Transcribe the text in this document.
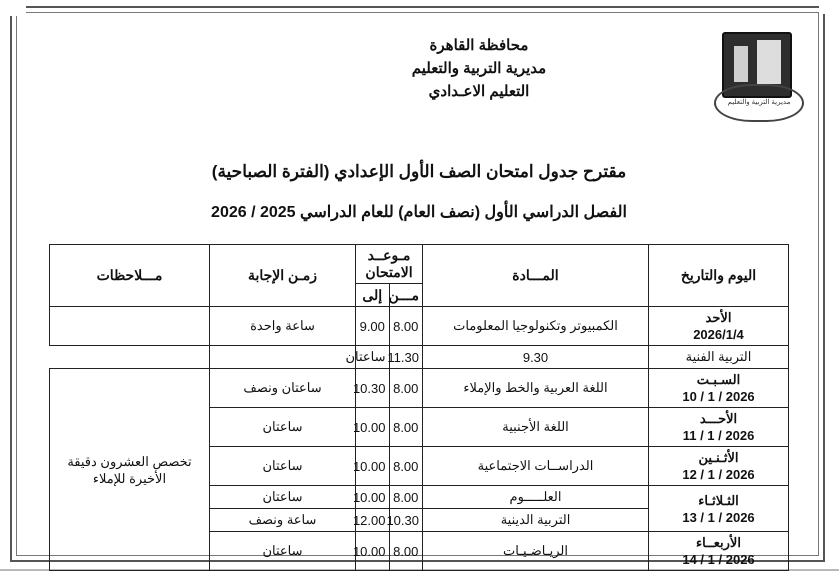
مديرية التربية والتعليم
محافظة القاهرة
مديرية التربية والتعليم
التعليم الاعـدادي
مقترح جدول امتحان الصف الأول الإعدادي (الفترة الصباحية)
الفصل الدراسي الأول (نصف العام) للعام الدراسي 2025 / 2026
اليوم والتاريخ	المـــادة	مـوعــد الامتحان		زمـن الإجابة	مـــلاحظات
		مـــن	إلى		
الأحد
2026/1/4	الكمبيوتر وتكنولوجيا المعلومات	8.00	9.00	ساعة واحدة	
التربية الفنية	9.30	11.30	ساعتان		
السـبـت
2026 / 1 / 10	اللغة العربية والخط والإملاء	8.00	10.30	ساعتان ونصف	تخصص العشرون دقيقة الأخيرة للإملاء
الأحـــد
2026 / 1 / 11	اللغة الأجنبية	8.00	10.00	ساعتان	
الأثـنـين
2026 / 1 / 12	الدراســات الاجتماعية	8.00	10.00	ساعتان	
الثـلاثـاء
2026 / 1 / 13	العلـــــوم	8.00	10.00	ساعتان	
	التربية الدينية	10.30	12.00	ساعة ونصف	
الأربعــاء
2026 / 1 / 14	الريـاضـيـات	8.00	10.00	ساعتان	
